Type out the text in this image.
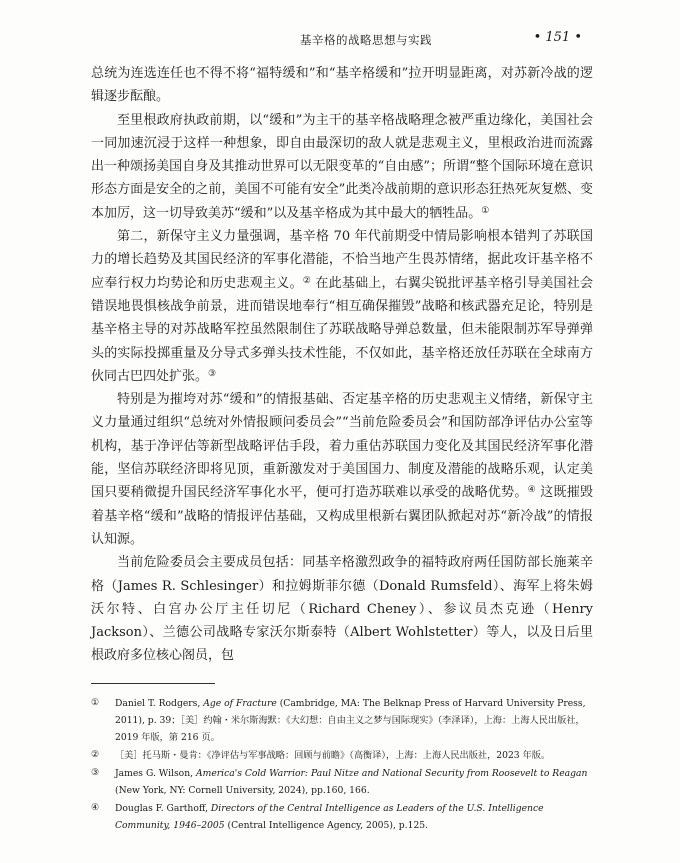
基辛格的战略思想与实践	• 151 •

总统为连选连任也不得不将“福特缓和”和“基辛格缓和”拉开明显距离，对苏新冷战的逻辑逐步酝酿。

至里根政府执政前期，以“缓和”为主干的基辛格战略理念被严重边缘化，美国社会一同加速沉浸于这样一种想象，即自由最深切的敌人就是悲观主义，里根政治进而流露出一种颂扬美国自身及其推动世界可以无限变革的“自由感”；所谓“整个国际环境在意识形态方面是安全的之前，美国不可能有安全”此类冷战前期的意识形态狂热死灰复燃、变本加厉，这一切导致美苏“缓和”以及基辛格成为其中最大的牺牲品。①

第二，新保守主义力量强调，基辛格 70 年代前期受中情局影响根本错判了苏联国力的增长趋势及其国民经济的军事化潜能，不恰当地产生畏苏情绪，据此攻讦基辛格不应奉行权力均势论和历史悲观主义。② 在此基础上，右翼尖锐批评基辛格引导美国社会错误地畏惧核战争前景，进而错误地奉行“相互确保摧毁”战略和核武器充足论，特别是基辛格主导的对苏战略军控虽然限制住了苏联战略导弹总数量，但未能限制苏军导弹弹头的实际投掷重量及分导式多弹头技术性能，不仅如此，基辛格还放任苏联在全球南方伙同古巴四处扩张。③

特别是为摧垮对苏“缓和”的情报基础、否定基辛格的历史悲观主义情绪，新保守主义力量通过组织“总统对外情报顾问委员会”“当前危险委员会”和国防部净评估办公室等机构，基于净评估等新型战略评估手段，着力重估苏联国力变化及其国民经济军事化潜能，坚信苏联经济即将见顶，重新激发对于美国国力、制度及潜能的战略乐观，认定美国只要稍微提升国民经济军事化水平，便可打造苏联难以承受的战略优势。④ 这既摧毁着基辛格“缓和”战略的情报评估基础，又构成里根新右翼团队掀起对苏“新冷战”的情报认知源。

当前危险委员会主要成员包括：同基辛格激烈政争的福特政府两任国防部长施莱辛格（James R. Schlesinger）和拉姆斯菲尔德（Donald Rumsfeld）、海军上将朱姆沃尔特、白宫办公厅主任切尼（Richard Cheney）、参议员杰克逊（Henry Jackson）、兰德公司战略专家沃尔斯泰特（Albert Wohlstetter）等人，以及日后里根政府多位核心阁员，包

①	Daniel T. Rodgers, Age of Fracture (Cambridge, MA: The Belknap Press of Harvard University Press, 2011), p. 39；［美］约翰・米尔斯海默：《大幻想：自由主义之梦与国际现实》（李泽译），上海：上海人民出版社，2019 年版，第 216 页。
②	［美］托马斯・曼肯：《净评估与军事战略：回顾与前瞻》（高衡译），上海：上海人民出版社，2023 年版。
③	James G. Wilson, America's Cold Warrior: Paul Nitze and National Security from Roosevelt to Reagan (New York, NY: Cornell University, 2024), pp.160, 166.
④	Douglas F. Garthoff, Directors of the Central Intelligence as Leaders of the U.S. Intelligence Community, 1946–2005 (Central Intelligence Agency, 2005), p.125.
